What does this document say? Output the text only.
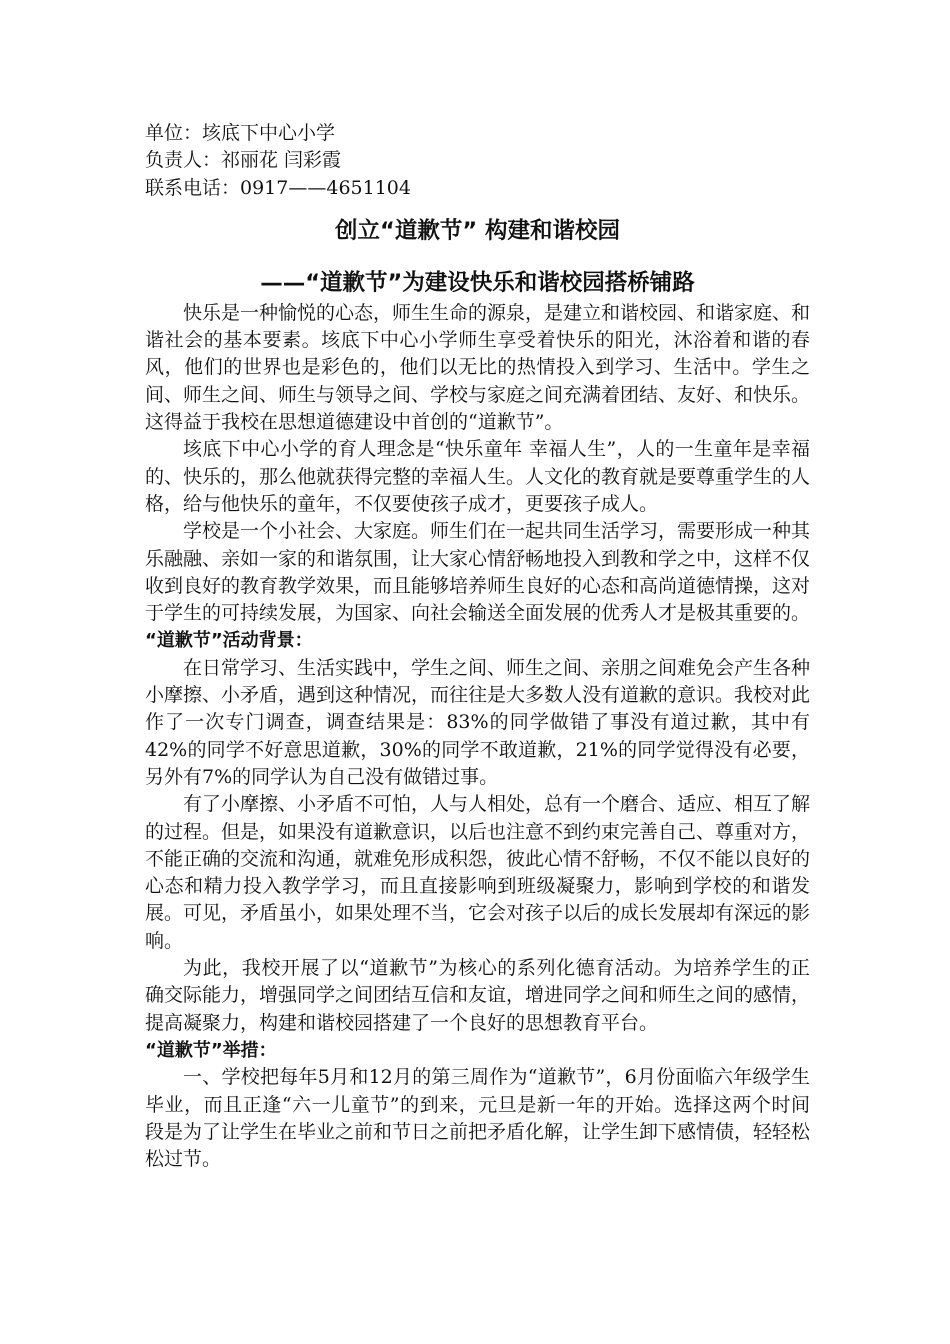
单位：垓底下中心小学

负责人：祁丽花 闫彩霞

联系电话：0917——4651104

创立“道歉节” 构建和谐校园
——“道歉节”为建设快乐和谐校园搭桥铺路

快乐是一种愉悦的心态，师生生命的源泉，是建立和谐校园、和谐家庭、和谐社会的基本要素。垓底下中心小学师生享受着快乐的阳光，沐浴着和谐的春风，他们的世界也是彩色的，他们以无比的热情投入到学习、生活中。学生之间、师生之间、师生与领导之间、学校与家庭之间充满着团结、友好、和快乐。这得益于我校在思想道德建设中首创的“道歉节”。

垓底下中心小学的育人理念是“快乐童年 幸福人生”，人的一生童年是幸福的、快乐的，那么他就获得完整的幸福人生。人文化的教育就是要尊重学生的人格，给与他快乐的童年，不仅要使孩子成才，更要孩子成人。

学校是一个小社会、大家庭。师生们在一起共同生活学习，需要形成一种其乐融融、亲如一家的和谐氛围，让大家心情舒畅地投入到教和学之中，这样不仅收到良好的教育教学效果，而且能够培养师生良好的心态和高尚道德情操，这对于学生的可持续发展，为国家、向社会输送全面发展的优秀人才是极其重要的。

“道歉节”活动背景：

在日常学习、生活实践中，学生之间、师生之间、亲朋之间难免会产生各种小摩擦、小矛盾，遇到这种情况，而往往是大多数人没有道歉的意识。我校对此作了一次专门调查，调查结果是：83%的同学做错了事没有道过歉，其中有42%的同学不好意思道歉，30%的同学不敢道歉，21%的同学觉得没有必要，另外有7%的同学认为自己没有做错过事。

有了小摩擦、小矛盾不可怕，人与人相处，总有一个磨合、适应、相互了解的过程。但是，如果没有道歉意识，以后也注意不到约束完善自己、尊重对方，不能正确的交流和沟通，就难免形成积怨，彼此心情不舒畅，不仅不能以良好的心态和精力投入教学学习，而且直接影响到班级凝聚力，影响到学校的和谐发展。可见，矛盾虽小，如果处理不当，它会对孩子以后的成长发展却有深远的影响。

为此，我校开展了以“道歉节”为核心的系列化德育活动。为培养学生的正确交际能力，增强同学之间团结互信和友谊，增进同学之间和师生之间的感情，提高凝聚力，构建和谐校园搭建了一个良好的思想教育平台。

“道歉节”举措：

一、学校把每年5月和12月的第三周作为“道歉节”，6月份面临六年级学生毕业，而且正逢“六一儿童节”的到来，元旦是新一年的开始。选择这两个时间段是为了让学生在毕业之前和节日之前把矛盾化解，让学生卸下感情债，轻轻松松过节。
